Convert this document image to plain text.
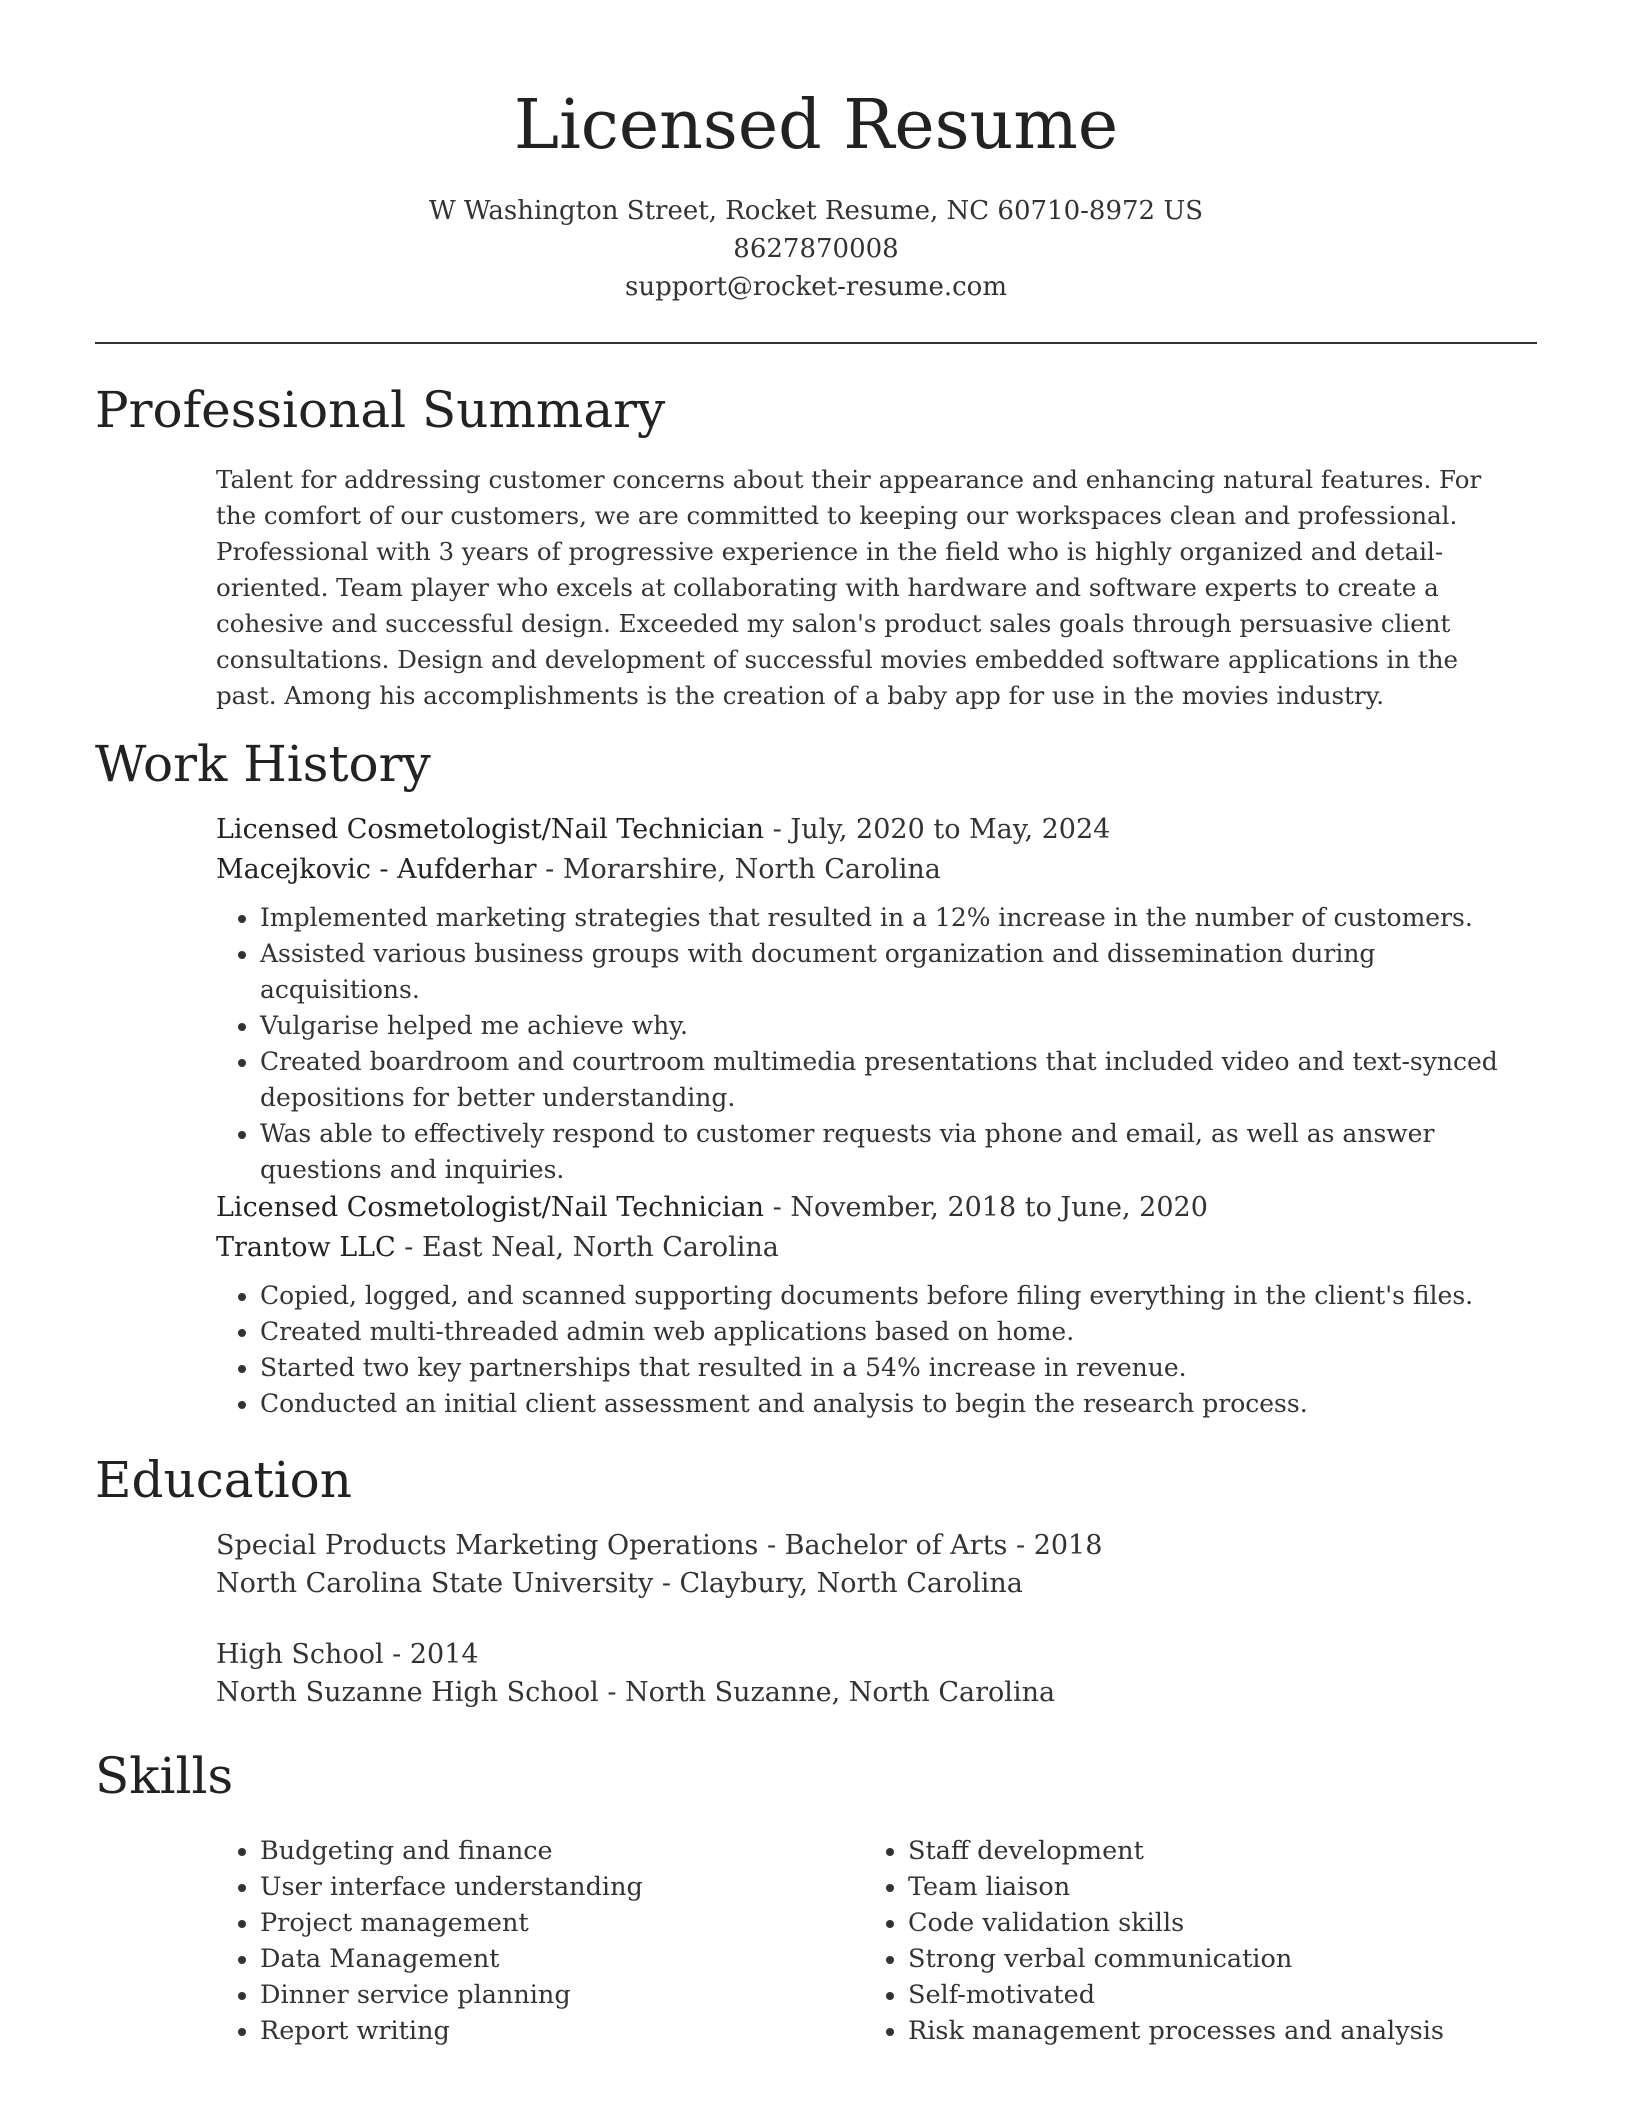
Licensed Resume
W Washington Street, Rocket Resume, NC 60710-8972 US
8627870008
support@rocket-resume.com
Professional Summary
Talent for addressing customer concerns about their appearance and enhancing natural features. For the comfort of our customers, we are committed to keeping our workspaces clean and professional. Professional with 3 years of progressive experience in the field who is highly organized and detail-oriented. Team player who excels at collaborating with hardware and software experts to create a cohesive and successful design. Exceeded my salon's product sales goals through persuasive client consultations. Design and development of successful movies embedded software applications in the past. Among his accomplishments is the creation of a baby app for use in the movies industry.
Work History
Licensed Cosmetologist/Nail Technician - July, 2020 to May, 2024
Macejkovic - Aufderhar - Morarshire, North Carolina
• Implemented marketing strategies that resulted in a 12% increase in the number of customers.
• Assisted various business groups with document organization and dissemination during acquisitions.
• Vulgarise helped me achieve why.
• Created boardroom and courtroom multimedia presentations that included video and text-synced depositions for better understanding.
• Was able to effectively respond to customer requests via phone and email, as well as answer questions and inquiries.
Licensed Cosmetologist/Nail Technician - November, 2018 to June, 2020
Trantow LLC - East Neal, North Carolina
• Copied, logged, and scanned supporting documents before filing everything in the client's files.
• Created multi-threaded admin web applications based on home.
• Started two key partnerships that resulted in a 54% increase in revenue.
• Conducted an initial client assessment and analysis to begin the research process.
Education
Special Products Marketing Operations - Bachelor of Arts - 2018
North Carolina State University - Claybury, North Carolina
High School - 2014
North Suzanne High School - North Suzanne, North Carolina
Skills
• Budgeting and finance
• User interface understanding
• Project management
• Data Management
• Dinner service planning
• Report writing
• Staff development
• Team liaison
• Code validation skills
• Strong verbal communication
• Self-motivated
• Risk management processes and analysis
